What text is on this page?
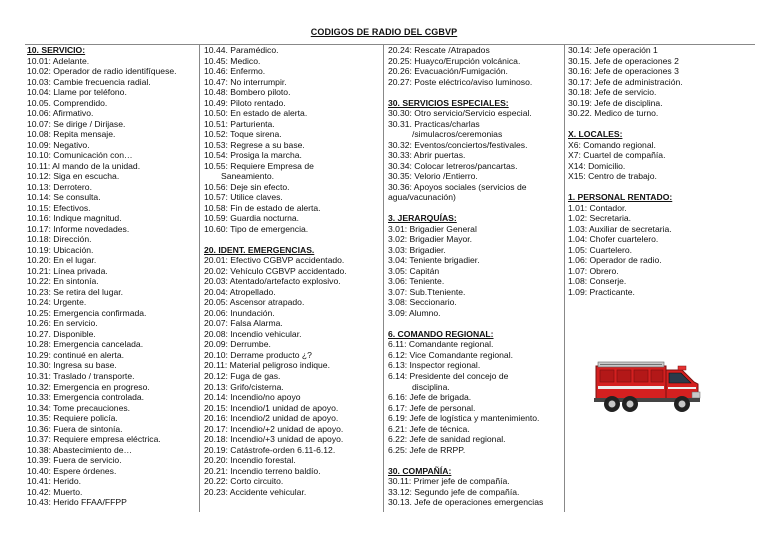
CODIGOS DE RADIO DEL CGBVP
10. SERVICIO:
10.01: Adelante.
10.02: Operador de radio identifíquese.
10.03: Cambie frecuencia radial.
10.04: Llame por teléfono.
10.05. Comprendido.
10.06: Afirmativo.
10.07: Se dirige / Dirijase.
10.08: Repita mensaje.
10.09: Negativo.
10.10: Comunicación con…
10.11: Al mando de la unidad.
10.12: Siga en escucha.
10.13: Derrotero.
10.14: Se consulta.
10.15: Efectivos.
10.16: Indique magnitud.
10.17: Informe novedades.
10.18: Dirección.
10.19: Ubicación.
10.20: En el lugar.
10.21: Línea privada.
10.22: En sintonía.
10.23: Se retira del lugar.
10.24: Urgente.
10.25: Emergencia confirmada.
10.26: En servicio.
10.27. Disponible.
10.28: Emergencia cancelada.
10.29: continué en alerta.
10.30: Ingresa su base.
10.31: Traslado / transporte.
10.32: Emergencia en progreso.
10.33: Emergencia controlada.
10.34: Tome precauciones.
10.35: Requiere policía.
10.36: Fuera de sintonía.
10.37: Requiere empresa eléctrica.
10.38: Abastecimiento de…
10.39: Fuera de servicio.
10.40: Espere órdenes.
10.41: Herido.
10.42: Muerto.
10.43: Herido FFAA/FFPP
10.44. Paramédico.
10.45: Medico.
10.46: Enfermo.
10.47: No interrumpir.
10.48: Bombero piloto.
10.49: Piloto rentado.
10.50: En estado de alerta.
10.51: Parturienta.
10.52: Toque sirena.
10.53: Regrese a su base.
10.54: Prosiga la marcha.
10.55: Requiere Empresa de
Saneamiento.
10.56: Deje sin efecto.
10.57: Utilice claves.
10.58: Fin de estado de alerta.
10.59: Guardia nocturna.
10.60: Tipo de emergencia.
20. IDENT. EMERGENCIAS.
20.01: Efectivo CGBVP accidentado.
20.02: Vehículo CGBVP accidentado.
20.03: Atentado/artefacto explosivo.
20.04: Atropellado.
20.05: Ascensor atrapado.
20.06: Inundación.
20.07: Falsa Alarma.
20.08: Incendio vehicular.
20.09: Derrumbe.
20.10: Derrame producto ¿?
20.11: Material peligroso indique.
20.12: Fuga de gas.
20.13: Grifo/cisterna.
20.14: Incendio/no apoyo
20.15: Incendio/1 unidad de apoyo.
20.16: Incendio/2 unidad de apoyo.
20.17: Incendio/+2 unidad de apoyo.
20.18: Incendio/+3 unidad de apoyo.
20.19: Catástrofe-orden 6.11-6.12.
20.20: Incendio forestal.
20.21: Incendio terreno baldío.
20.22: Corto circuito.
20.23: Accidente vehicular.
20.24: Rescate /Atrapados
20.25: Huayco/Erupción volcánica.
20.26: Evacuación/Fumigación.
20.27: Poste eléctrico/aviso luminoso.
30. SERVICIOS ESPECIALES:
30.30: Otro servicio/Servicio especial.
30.31. Practicas/charlas
/simulacros/ceremonias
30.32: Eventos/conciertos/festivales.
30.33: Abrir puertas.
30.34: Colocar letreros/pancartas.
30.35: Velorio /Entierro.
30.36: Apoyos sociales (servicios de
agua/vacunación)
3. JERARQUÍAS:
3.01: Brigadier General
3.02: Brigadier Mayor.
3.03: Brigadier.
3.04: Teniente brigadier.
3.05: Capitán
3.06: Teniente.
3.07: Sub.Tteniente.
3.08: Seccionario.
3.09: Alumno.
6. COMANDO REGIONAL:
6.11: Comandante regional.
6.12: Vice Comandante regional.
6.13: Inspector regional.
6.14: Presidente del concejo de
disciplina.
6.16: Jefe de brigada.
6.17: Jefe de personal.
6.19: Jefe de logística y mantenimiento.
6.21: Jefe de técnica.
6.22: Jefe de sanidad regional.
6.25: Jefe de RRPP.
30. COMPAÑÍA:
30.11: Primer jefe de compañía.
33.12: Segundo jefe de compañía.
30.13. Jefe de operaciones emergencias
30.14: Jefe operación 1
30.15. Jefe de operaciones 2
30.16: Jefe de operaciones 3
30.17: Jefe de administración.
30.18: Jefe de servicio.
30.19: Jefe de disciplina.
30.22. Medico de turno.
X. LOCALES:
X6: Comando regional.
X7: Cuartel de compañía.
X14: Domicilio.
X15: Centro de trabajo.
1. PERSONAL RENTADO:
1.01: Contador.
1.02: Secretaria.
1.03: Auxiliar de secretaria.
1.04: Chofer cuartelero.
1.05: Cuartelero.
1.06: Operador de radio.
1.07: Obrero.
1.08: Conserje.
1.09: Practicante.
